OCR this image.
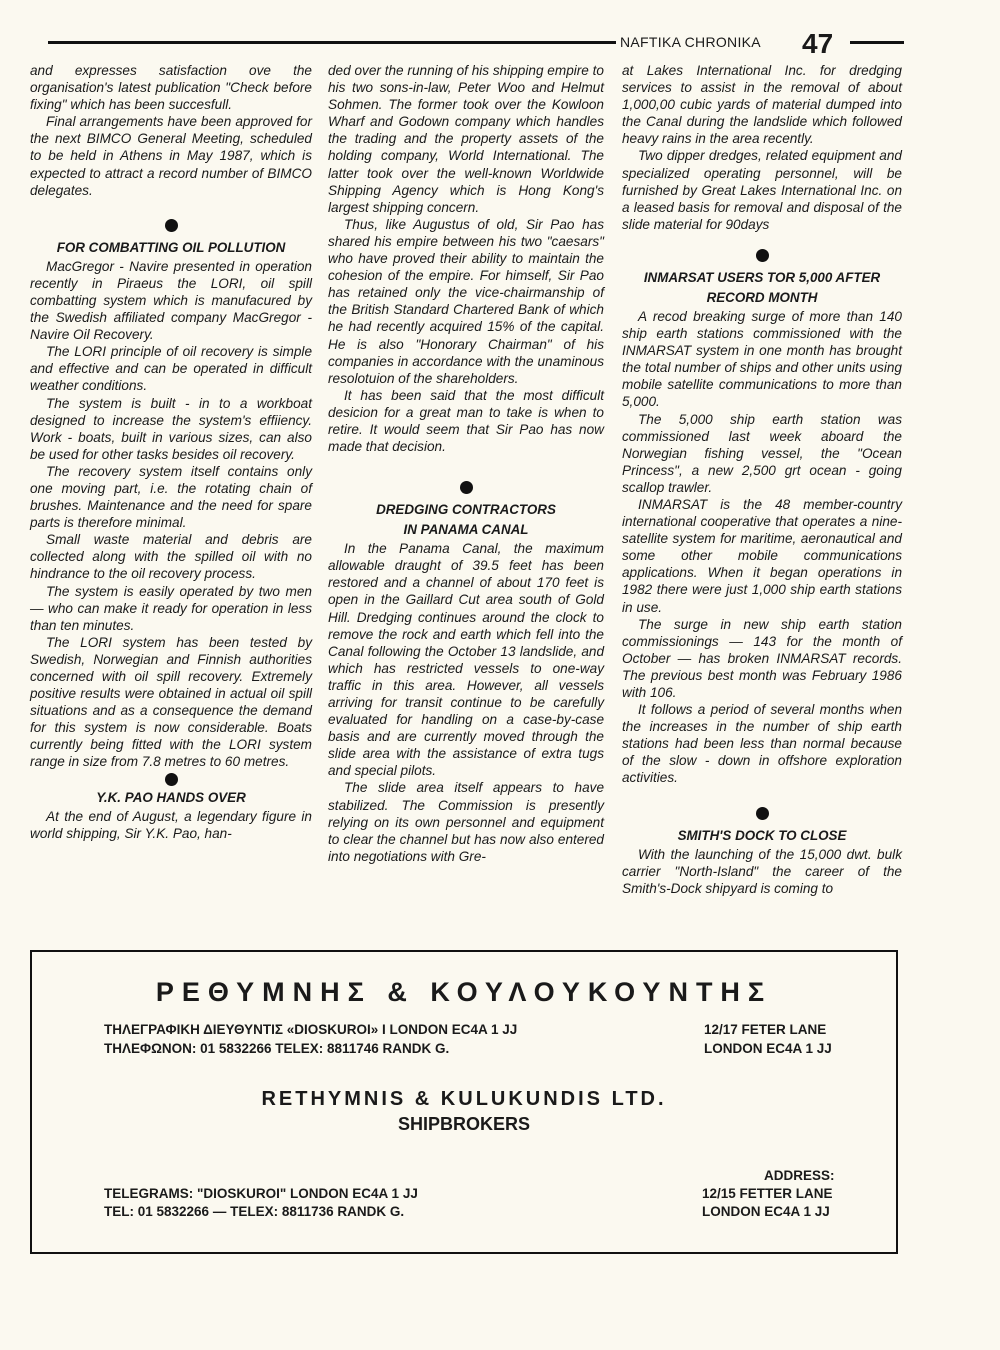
NAFTIKA CHRONIKA 47

and expresses satisfaction ove the organisation's latest publication "Check before fixing" which has been succesfull.

Final arrangements have been approved for the next BIMCO General Meeting, scheduled to be held in Athens in May 1987, which is expected to attract a record number of BIMCO delegates.

FOR COMBATTING OIL POLLUTION

MacGregor - Navire presented in operation recently in Piraeus the LORI, oil spill combatting system which is manufacured by the Swedish affiliated company MacGregor - Navire Oil Recovery.

The LORI principle of oil recovery is simple and effective and can be operated in difficult weather conditions.

The system is built - in to a workboat designed to increase the system's effiiency. Work - boats, built in various sizes, can also be used for other tasks besides oil recovery.

The recovery system itself contains only one moving part, i.e. the rotating chain of brushes. Maintenance and the need for spare parts is therefore minimal.

Small waste material and debris are collected along with the spilled oil with no hindrance to the oil recovery process.

The system is easily operated by two men — who can make it ready for operation in less than ten minutes.

The LORI system has been tested by Swedish, Norwegian and Finnish authorities concerned with oil spill recovery. Extremely positive results were obtained in actual oil spill situations and as a consequence the demand for this system is now considerable. Boats currently being fitted with the LORI system range in size from 7.8 metres to 60 metres.

Y.K. PAO HANDS OVER

At the end of August, a legendary figure in world shipping, Sir Y.K. Pao, han-

ded over the running of his shipping empire to his two sons-in-law, Peter Woo and Helmut Sohmen. The former took over the Kowloon Wharf and Godown company which handles the trading and the property assets of the holding company, World International. The latter took over the well-known Worldwide Shipping Agency which is Hong Kong's largest shipping concern.

Thus, like Augustus of old, Sir Pao has shared his empire between his two "caesars" who have proved their ability to maintain the cohesion of the empire. For himself, Sir Pao has retained only the vice-chairmanship of the British Standard Chartered Bank of which he had recently acquired 15% of the capital. He is also "Honorary Chairman" of his companies in accordance with the unaminous resolotuion of the shareholders.

It has been said that the most difficult desicion for a great man to take is when to retire. It would seem that Sir Pao has now made that decision.

DREDGING CONTRACTORS
IN PANAMA CANAL

In the Panama Canal, the maximum allowable draught of 39.5 feet has been restored and a channel of about 170 feet is open in the Gaillard Cut area south of Gold Hill. Dredging continues around the clock to remove the rock and earth which fell into the Canal following the October 13 landslide, and which has restricted vessels to one-way traffic in this area. However, all vessels arriving for transit continue to be carefully evaluated for handling on a case-by-case basis and are currently moved through the slide area with the assistance of extra tugs and special pilots.

The slide area itself appears to have stabilized. The Commission is presently relying on its own personnel and equipment to clear the channel but has now also entered into negotiations with Gre-

at Lakes International Inc. for dredging services to assist in the removal of about 1,000,00 cubic yards of material dumped into the Canal during the landslide which followed heavy rains in the area recently.

Two dipper dredges, related equipment and specialized operating personnel, will be furnished by Great Lakes International Inc. on a leased basis for removal and disposal of the slide material for 90days

INMARSAT USERS TOR 5,000 AFTER
RECORD MONTH

A recod breaking surge of more than 140 ship earth stations commissioned with the INMARSAT system in one month has brought the total number of ships and other units using mobile satellite communications to more than 5,000.

The 5,000 ship earth station was commissioned last week aboard the Norwegian fishing vessel, the "Ocean Princess", a new 2,500 grt ocean - going scallop trawler.

INMARSAT is the 48 member-country international cooperative that operates a nine-satellite system for maritime, aeronautical and some other mobile communications applications. When it began operations in 1982 there were just 1,000 ship earth stations in use.

The surge in new ship earth station commissionings — 143 for the month of October — has broken INMARSAT records. The previous best month was February 1986 with 106.

It follows a period of several months when the increases in the number of ship earth stations had been less than normal because of the slow - down in offshore exploration activities.

SMITH'S DOCK TO CLOSE

With the launching of the 15,000 dwt. bulk carrier "North-Island" the career of the Smith's-Dock shipyard is coming to

ΡΕΘΥΜΝΗΣ & ΚΟΥΛΟΥΚΟΥΝΤΗΣ
ΤΗΛΕΓΡΑΦΙΚΗ ΔΙΕΥΘΥΝΤΙΣ «DIOSKUROI» I LONDON EC4A 1 JJ
ΤΗΛΕΦΩΝΟΝ: 01 5832266 TELEX: 8811746 RANDK G.
12/17 FETER LANE
LONDON EC4A 1 JJ
RETHYMNIS & KULUKUNDIS LTD.
SHIPBROKERS
ADDRESS:
12/15 FETTER LANE
LONDON EC4A 1 JJ
TELEGRAMS: "DIOSKUROI" LONDON EC4A 1 JJ
TEL: 01 5832266 — TELEX: 8811736 RANDK G.
